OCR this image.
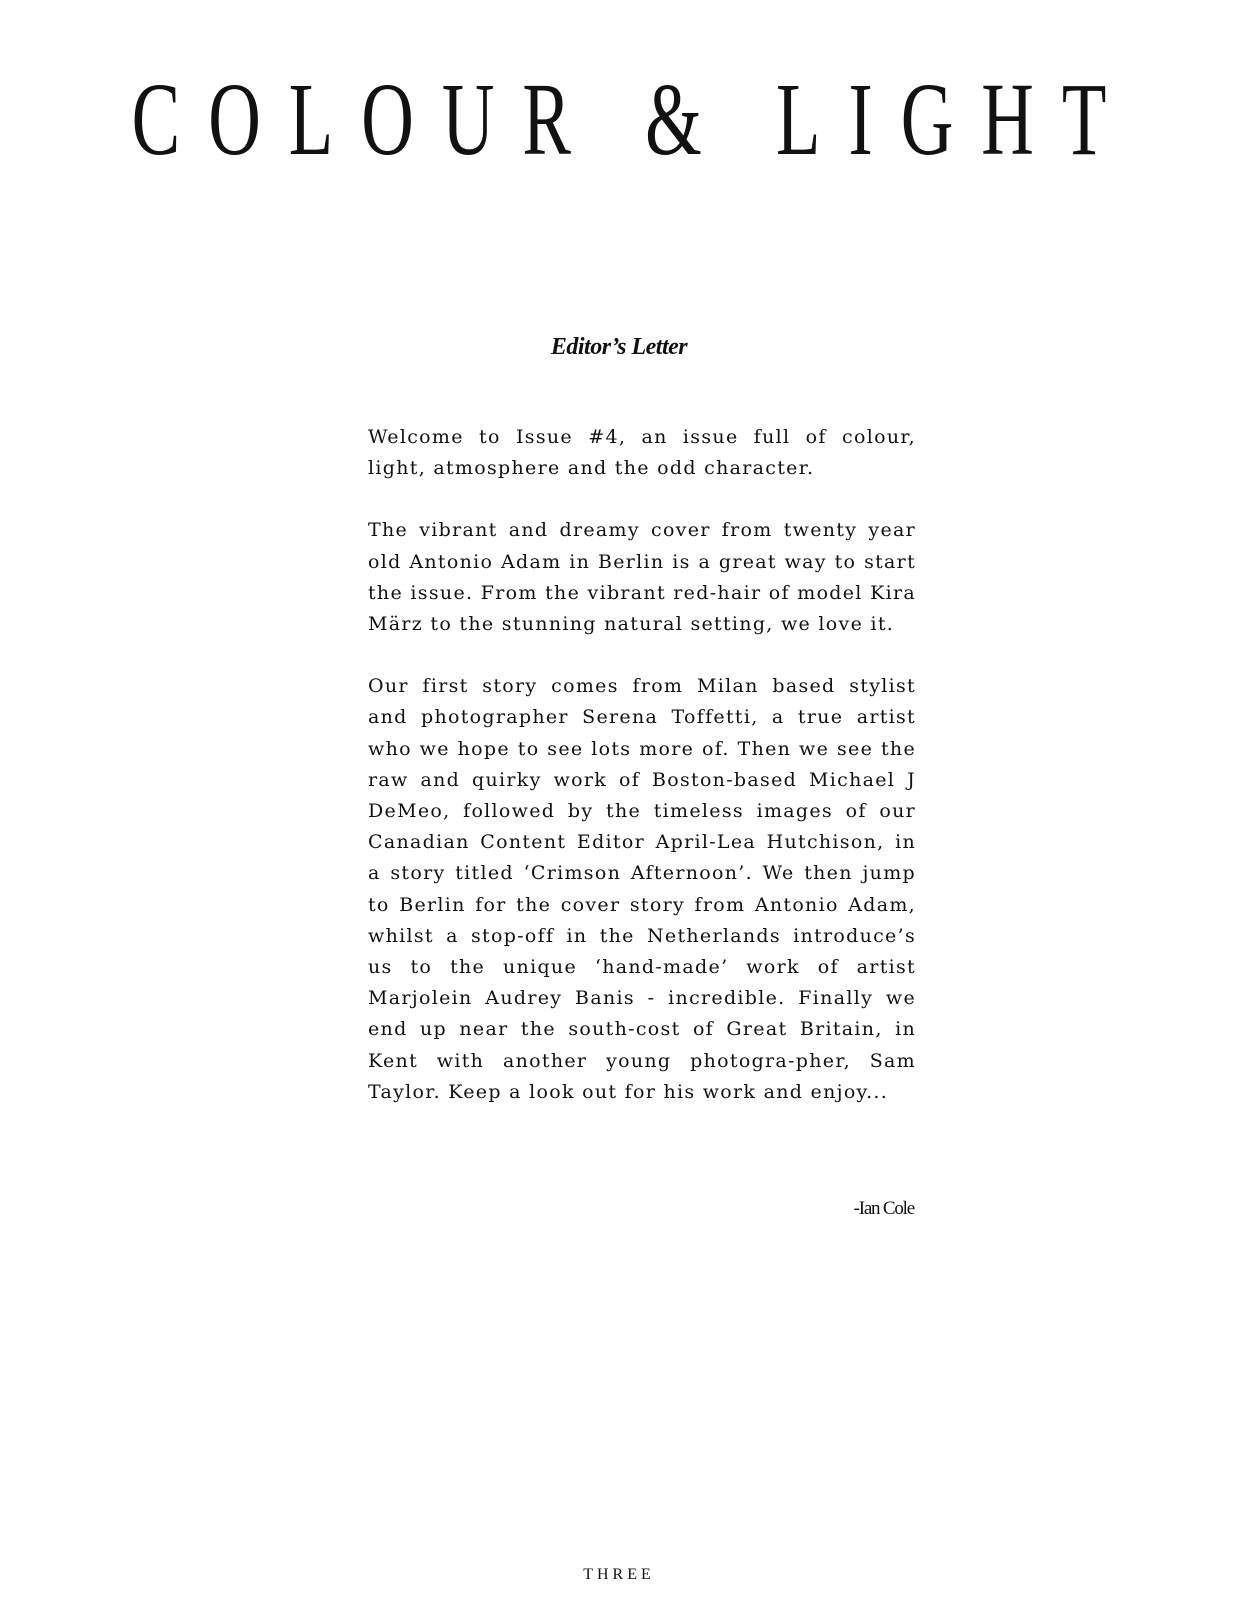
COLOUR & LIGHT
Editor’s Letter

Welcome to Issue #4, an issue full of colour, light, atmosphere and the odd character.

The vibrant and dreamy cover from twenty year old Antonio Adam in Berlin is a great way to start the issue. From the vibrant red-hair of model Kira März to the stunning natural setting, we love it.

Our first story comes from Milan based stylist and photographer Serena Toffetti, a true artist who we hope to see lots more of. Then we see the raw and quirky work of Boston-based Michael J DeMeo, followed by the timeless images of our Canadian Content Editor April-Lea Hutchison, in a story titled ‘Crimson Afternoon’. We then jump to Berlin for the cover story from Antonio Adam, whilst a stop-off in the Netherlands introduce’s us to the unique ‘hand-made’ work of artist Marjolein Audrey Banis - incredible. Finally we end up near the south-cost of Great Britain, in Kent with another young photogra-pher, Sam Taylor. Keep a look out for his work and enjoy...

-Ian Cole

THREE
